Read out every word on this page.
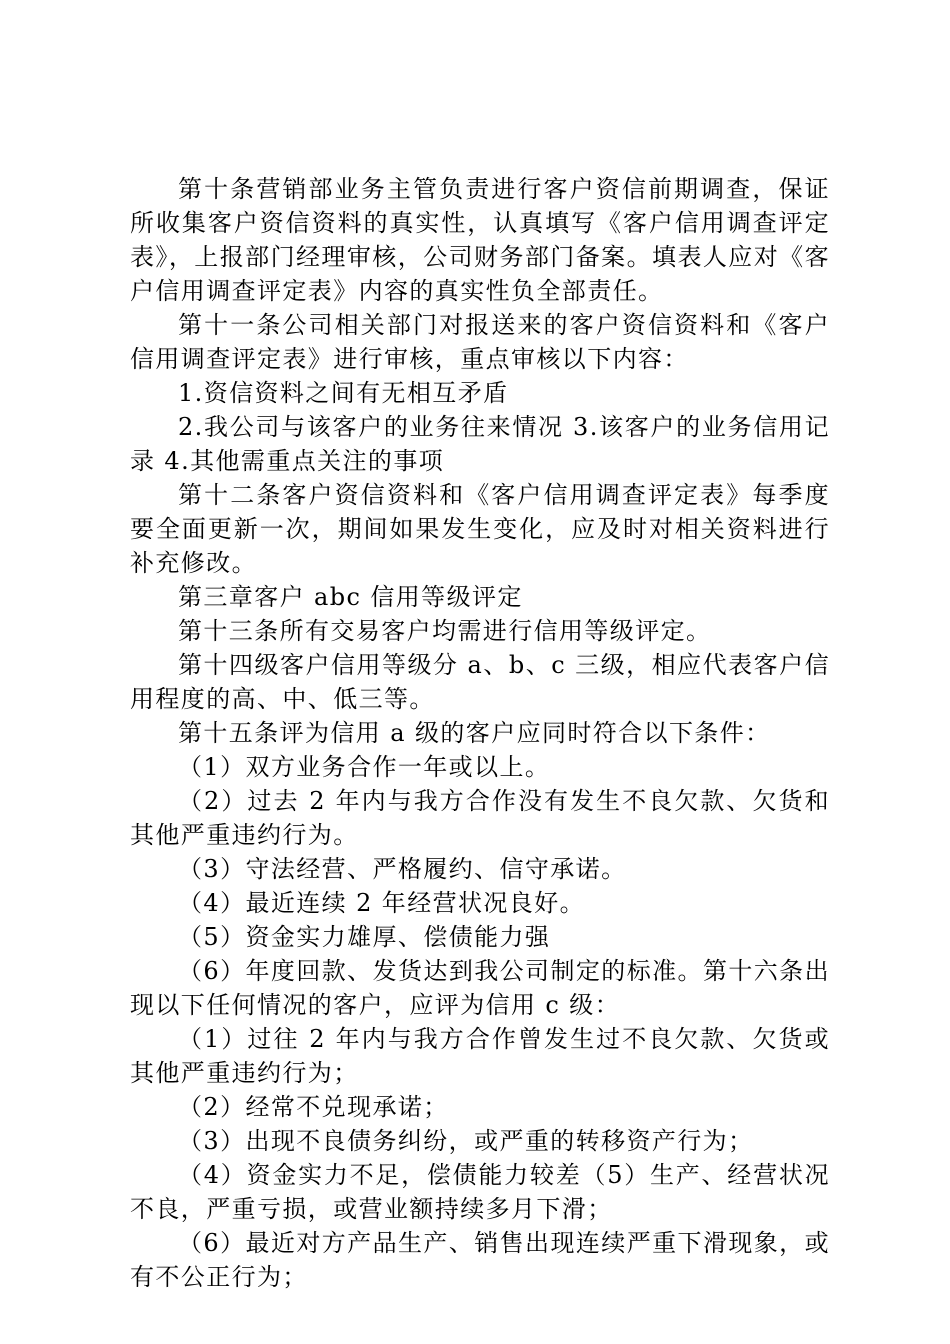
第十条营销部业务主管负责进行客户资信前期调查，保证所收集客户资信资料的真实性，认真填写《客户信用调查评定表》，上报部门经理审核，公司财务部门备案。填表人应对《客户信用调查评定表》内容的真实性负全部责任。

第十一条公司相关部门对报送来的客户资信资料和《客户信用调查评定表》进行审核，重点审核以下内容：

1.资信资料之间有无相互矛盾

2.我公司与该客户的业务往来情况 3.该客户的业务信用记录 4.其他需重点关注的事项

第十二条客户资信资料和《客户信用调查评定表》每季度要全面更新一次，期间如果发生变化，应及时对相关资料进行补充修改。

第三章客户 abc 信用等级评定

第十三条所有交易客户均需进行信用等级评定。

第十四级客户信用等级分 a、b、c 三级，相应代表客户信用程度的高、中、低三等。

第十五条评为信用 a 级的客户应同时符合以下条件：

（1）双方业务合作一年或以上。

（2）过去 2 年内与我方合作没有发生不良欠款、欠货和其他严重违约行为。

（3）守法经营、严格履约、信守承诺。

（4）最近连续 2 年经营状况良好。

（5）资金实力雄厚、偿债能力强

（6）年度回款、发货达到我公司制定的标准。第十六条出现以下任何情况的客户，应评为信用 c 级：

（1）过往 2 年内与我方合作曾发生过不良欠款、欠货或其他严重违约行为；

（2）经常不兑现承诺；

（3）出现不良债务纠纷，或严重的转移资产行为；

（4）资金实力不足，偿债能力较差（5）生产、经营状况不良，严重亏损，或营业额持续多月下滑；

（6）最近对方产品生产、销售出现连续严重下滑现象，或有不公正行为；
